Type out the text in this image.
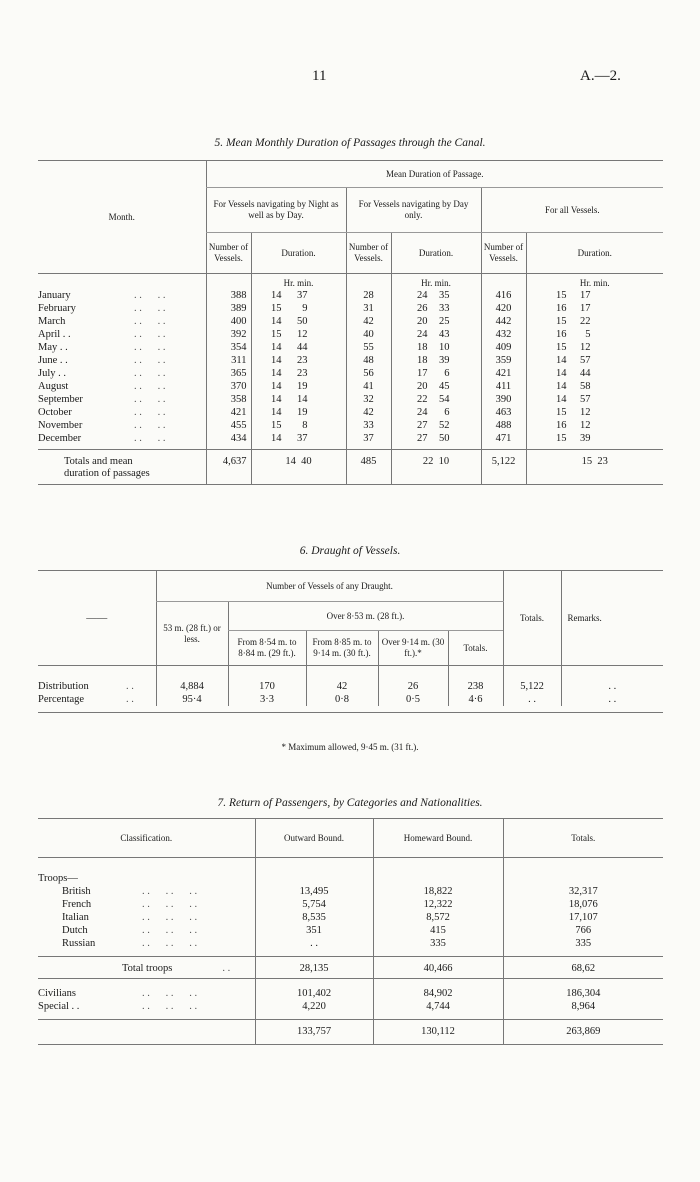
11	A.—2.
5. Mean Monthly Duration of Passages through the Canal.
Month.	Mean Duration of Passage.					
	For Vessels navigating by Night as well as by Day.		For Vessels navigating by Day only.		For all Vessels.	
	Number of Vessels.	Duration.	Number of Vessels.	Duration.	Number of Vessels.	Duration.
		Hr. min.		Hr. min.		Hr. min.
January . .      . .	388	14 37	28	24 35	416	15 17
February . .      . .	389	15 9	31	26 33	420	16 17
March . .      . .	400	14 50	42	20 25	442	15 22
April . . . .      . .	392	15 12	40	24 43	432	16 5
May . . . .      . .	354	14 44	55	18 10	409	15 12
June . . . .      . .	311	14 23	48	18 39	359	14 57
July . . . .      . .	365	14 23	56	17 6	421	14 44
August . .      . .	370	14 19	41	20 45	411	14 58
September . .      . .	358	14 14	32	22 54	390	14 57
October . .      . .	421	14 19	42	24 6	463	15 12
November . .      . .	455	15 8	33	27 52	488	16 12
December . .      . .	434	14 37	37	27 50	471	15 39

Totals and mean duration of passages	4,637	14 40	485	22 10	5,122	15 23
6. Draught of Vessels.
——	Number of Vessels of any Draught.					Totals.	Remarks.
	53 m. (28 ft.) or less.	Over 8·53 m. (28 ft.).					
		From 8·54 m. to 8·84 m. (29 ft.).	From 8·85 m. to 9·14 m. (30 ft.).	Over 9·14 m. (30 ft.).*	Totals.		
Distribution . .	4,884	170	42	26	238	5,122	. .
Percentage . .	95·4	3·3	0·8	0·5	4·6	. .	. .

* Maximum allowed, 9·45 m. (31 ft.).
7. Return of Passengers, by Categories and Nationalities.
Classification.	Outward Bound.	Homeward Bound.	Totals.
Troops—			
British . .      . .      . .	13,495	18,822	32,317
French . .      . .      . .	5,754	12,322	18,076
Italian . .      . .      . .	8,535	8,572	17,107
Dutch . .      . .      . .	351	415	766
Russian . .      . .      . .	. .	335	335

Total troops . .	28,135	40,466	68,62

Civilians . .      . .      . .	101,402	84,902	186,304
Special . . . .      . .      . .	4,220	4,744	8,964

	133,757	130,112	263,869
